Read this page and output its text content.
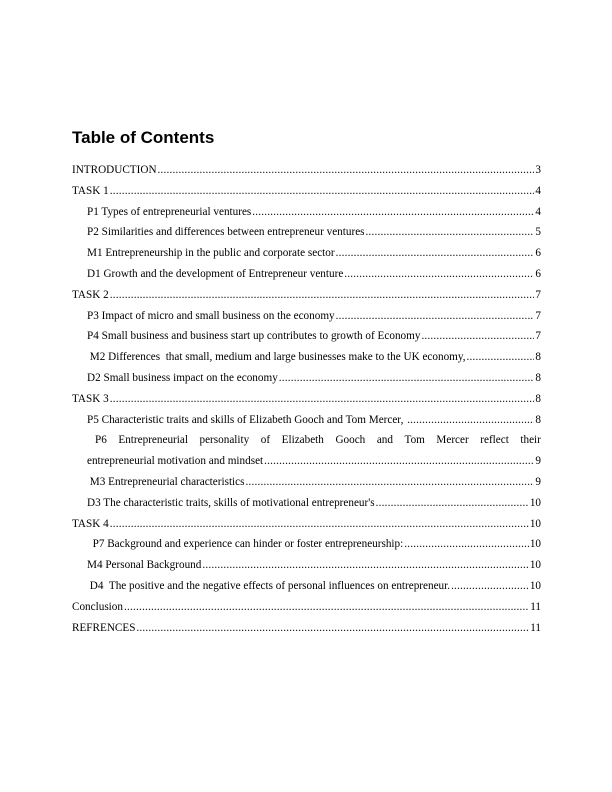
Table of Contents
INTRODUCTION .....	3
TASK 1 .....	4
P1 Types of entrepreneurial ventures .....	4
P2 Similarities and differences between entrepreneur ventures .....	5
M1 Entrepreneurship in the public and corporate sector .....	6
D1 Growth and the development of Entrepreneur venture .....	6
TASK 2 .....	7
P3 Impact of micro and small business on the economy .....	7
P4 Small business and business start up contributes to growth of Economy .....	7
M2 Differences  that small, medium and large businesses make to the UK economy, .....	8
D2 Small business impact on the economy .....	8
TASK 3 .....	8
P5 Characteristic traits and skills of Elizabeth Gooch and Tom Mercer, .....	8
P6 Entrepreneurial personality of Elizabeth Gooch and Tom Mercer reflect their
entrepreneurial motivation and mindset .....	9
M3 Entrepreneurial characteristics .....	9
D3 The characteristic traits, skills of motivational entrepreneur's .....	10
TASK 4 .....	10
P7 Background and experience can hinder or foster entrepreneurship: .....	10
M4 Personal Background .....	10
D4  The positive and the negative effects of personal influences on entrepreneur. .....	10
Conclusion .....	11
REFRENCES .....	11
